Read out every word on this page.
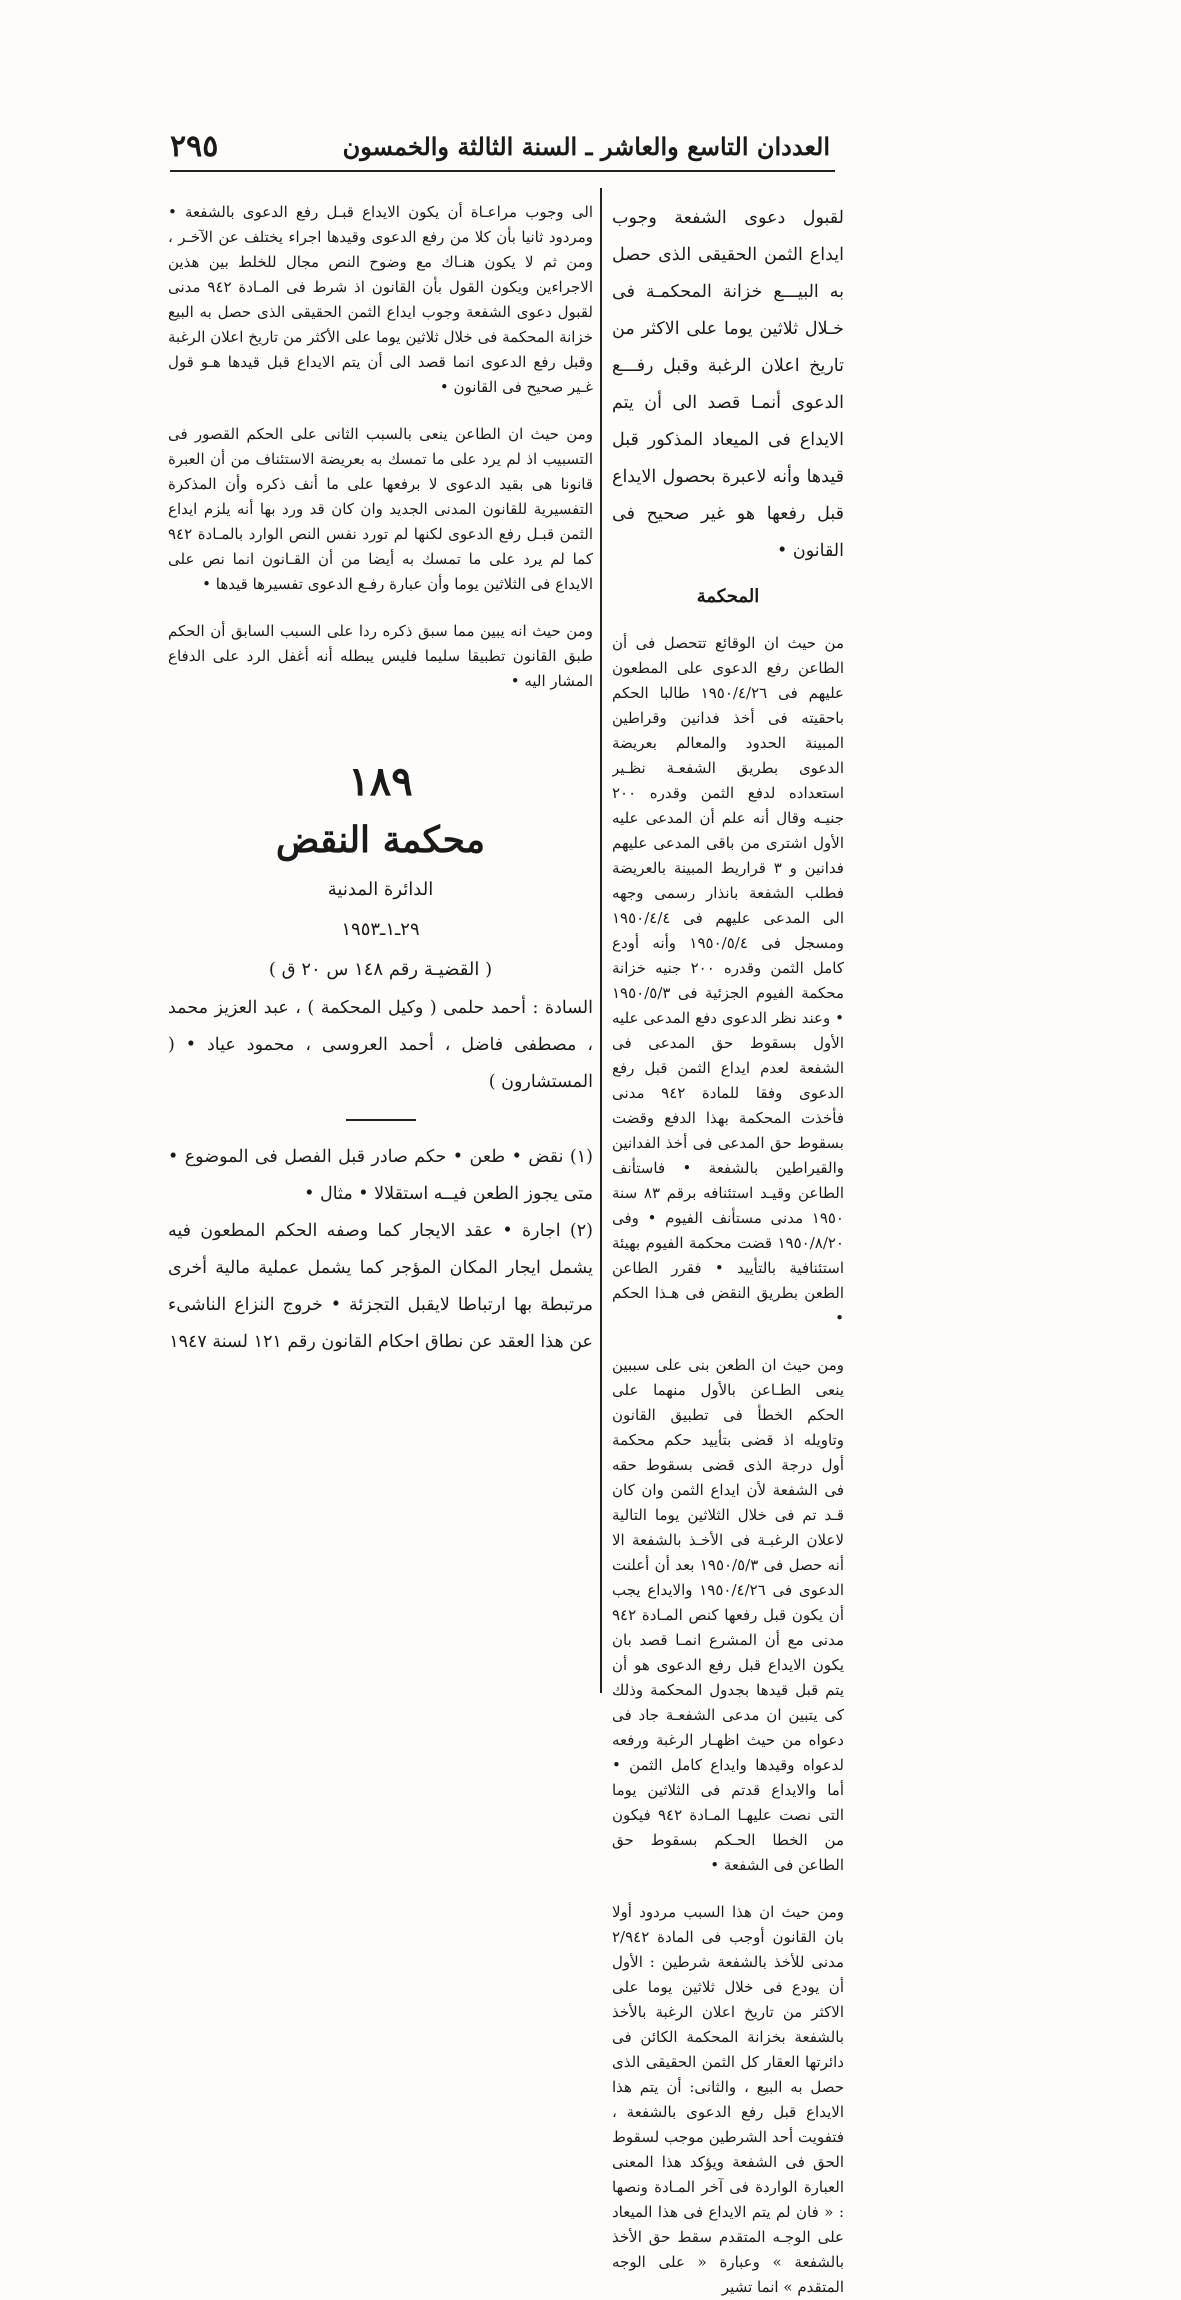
العددان التاسع والعاشر ـ السنة الثالثة والخمسون
٢٩٥

لقبول دعوى الشفعة وجوب ايداع الثمن الحقيقى الذى حصل به البيـــع خزانة المحكمـة فى خـلال ثلاثين يوما على الاكثر من تاريخ اعلان الرغبة وقبل رفـــع الدعوى أنمـا قصد الى أن يتم الايداع فى الميعاد المذكور قبل قيدها وأنه لاعبرة بحصول الايداع قبل رفعها هو غير صحيح فى القانون •

المحكمة

من حيث ان الوقائع تتحصل فى أن الطاعن رفع الدعوى على المطعون عليهم فى ١٩٥٠/٤/٢٦ طالبا الحكم باحقيته فى أخذ فدانين وقراطين المبينة الحدود والمعالم بعريضة الدعوى بطريق الشفعـة نظـير استعداده لدفع الثمن وقدره ٢٠٠ جنيـه وقال أنه علم أن المدعى عليه الأول اشترى من باقى المدعى عليهم فدانين و ٣ قراريط المبينة بالعريضة فطلب الشفعة بانذار رسمى وجهه الى المدعى عليهم فى ١٩٥٠/٤/٤ ومسجل فى ١٩٥٠/٥/٤ وأنه أودع كامل الثمن وقدره ٢٠٠ جنيه خزانة محكمة الفيوم الجزئية فى ١٩٥٠/٥/٣ • وعند نظر الدعوى دفع المدعى عليه الأول بسقوط حق المدعى فى الشفعة لعدم ايداع الثمن قبل رفع الدعوى وفقا للمادة ٩٤٢ مدنى فأخذت المحكمة بهذا الدفع وقضت بسقوط حق المدعى فى أخذ الفدانين والقيراطين بالشفعة • فاستأنف الطاعن وقيـد استئنافه برقم ٨٣ سنة ١٩٥٠ مدنى مستأنف الفيوم • وفى ١٩٥٠/٨/٢٠ قضت محكمة الفيوم بهيئة استئنافية بالتأييد • فقرر الطاعن الطعن بطريق النقض فى هـذا الحكم •

ومن حيث ان الطعن بنى على سببين ينعى الطـاعن بالأول منهما على الحكم الخطأ فى تطبيق القانون وتاويله اذ قضى بتأييد حكم محكمة أول درجة الذى قضى بسقوط حقه فى الشفعة لأن ايداع الثمن وان كان قـد تم فى خلال الثلاثين يوما التالية لاعلان الرغبـة فى الأخـذ بالشفعة الا أنه حصل فى ١٩٥٠/٥/٣ بعد أن أعلنت الدعوى فى ١٩٥٠/٤/٢٦ والايداع يجب أن يكون قبل رفعها كنص المـادة ٩٤٢ مدنى مع أن المشرع انمـا قصد بان يكون الايداع قبل رفع الدعوى هو أن يتم قبل قيدها بجدول المحكمة وذلك كى يتبين ان مدعى الشفعـة جاد فى دعواه من حيث اظهـار الرغبة ورفعه لدعواه وقيدها وايداع كامل الثمن • أما والايداع قدتم فى الثلاثين يوما التى نصت عليهـا المـادة ٩٤٢ فيكون من الخطا الحـكم بسقوط حق الطاعن فى الشفعة •

ومن حيث ان هذا السبب مردود أولا بان القانون أوجب فى المادة ٢/٩٤٢ مدنى للأخذ بالشفعة شرطين : الأول أن يودع فى خلال ثلاثين يوما على الاكثر من تاريخ اعلان الرغبة بالأخذ بالشفعة بخزانة المحكمة الكائن فى دائرتها العقار كل الثمن الحقيقى الذى حصل به البيع ، والثانى: أن يتم هذا الايداع قبل رفع الدعوى بالشفعة ، فتفويت أحد الشرطين موجب لسقوط الحق فى الشفعة ويؤكد هذا المعنى العبارة الواردة فى آخر المـادة ونصها : « فان لم يتم الايداع فى هذا الميعاد على الوجـه المتقدم سقط حق الأخذ بالشفعة » وعبارة « على الوجه المتقدم » انما تشير

الى وجوب مراعـاة أن يكون الايداع قبـل رفع الدعوى بالشفعة • ومردود ثانيا بأن كلا من رفع الدعوى وقيدها اجراء يختلف عن الآخـر ، ومن ثم لا يكون هنـاك مع وضوح النص مجال للخلط بين هذين الاجراءين ويكون القول بأن القانون اذ شرط فى المـادة ٩٤٢ مدنى لقبول دعوى الشفعة وجوب ايداع الثمن الحقيقى الذى حصل به البيع خزانة المحكمة فى خلال ثلاثين يوما على الأكثر من تاريخ اعلان الرغبة وقبل رفع الدعوى انما قصد الى أن يتم الايداع قبل قيدها هـو قول غـير صحيح فى القانون •

ومن حيث ان الطاعن ينعى بالسبب الثانى على الحكم القصور فى التسبيب اذ لم يرد على ما تمسك به بعريضة الاستئناف من أن العبرة قانونا هى بقيد الدعوى لا برفعها على ما أنف ذكره وأن المذكرة التفسيرية للقانون المدنى الجديد وان كان قد ورد بها أنه يلزم ايداع الثمن قبـل رفع الدعوى لكنها لم تورد نفس النص الوارد بالمـادة ٩٤٢ كما لم يرد على ما تمسك به أيضا من أن القـانون انما نص على الايداع فى الثلاثين يوما وأن عبارة رفـع الدعوى تفسيرها قيدها •

ومن حيث انه يبين مما سبق ذكره ردا على السبب السابق أن الحكم طبق القانون تطبيقا سليما فليس يبطله أنه أغفل الرد على الدفاع المشار اليه •

١٨٩
محكمة النقض
الدائرة المدنية
٢٩ـ١ـ١٩٥٣
( القضيـة رقم ١٤٨ س ٢٠ ق )

السادة : أحمد حلمى ( وكيل المحكمة ) ، عبد العزيز محمد ، مصطفى فاضل ، أحمد العروسى ، محمود عياد • ( المستشارون )

(١) نقض • طعن • حكم صادر قبل الفصل فى الموضوع • متى يجوز الطعن فيــه استقلالا • مثال •

(٢) اجارة • عقد الايجار كما وصفه الحكم المطعون فيه يشمل ايجار المكان المؤجر كما يشمل عملية مالية أخرى مرتبطة بها ارتباطا لايقبل التجزئة • خروج النزاع الناشىء عن هذا العقد عن نطاق احكام القانون رقم ١٢١ لسنة ١٩٤٧
